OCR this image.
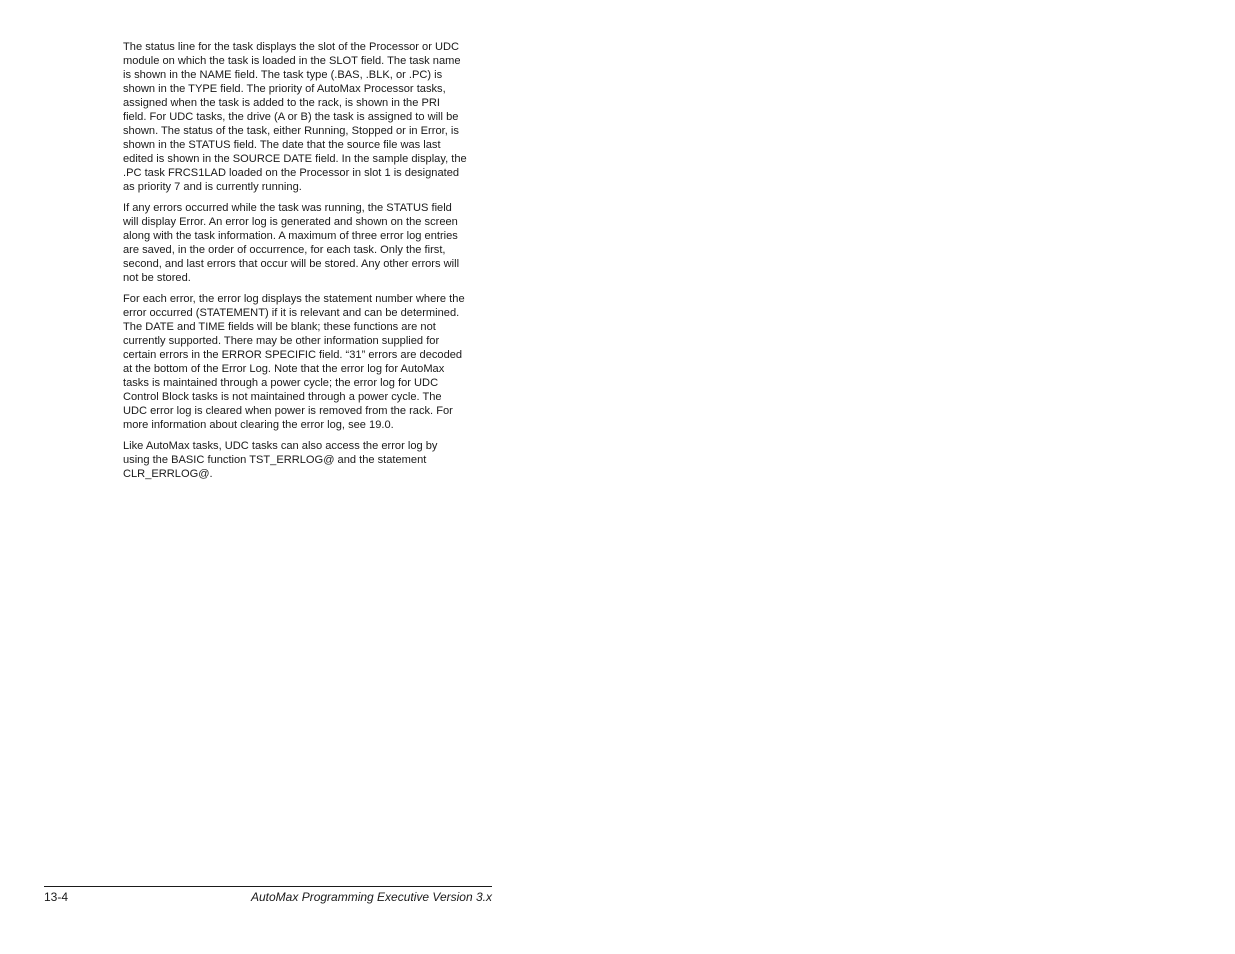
The status line for the task displays the slot of the Processor or UDC
module on which the task is loaded in the SLOT field. The task name
is shown in the NAME field. The task type (.BAS, .BLK, or .PC) is
shown in the TYPE field. The priority of AutoMax Processor tasks,
assigned when the task is added to the rack, is shown in the PRI
field. For UDC tasks, the drive (A or B) the task is assigned to will be
shown. The status of the task, either Running, Stopped or in Error, is
shown in the STATUS field. The date that the source file was last
edited is shown in the SOURCE DATE field. In the sample display, the
.PC task FRCS1LAD loaded on the Processor in slot 1 is designated
as priority 7 and is currently running.

If any errors occurred while the task was running, the STATUS field
will display Error. An error log is generated and shown on the screen
along with the task information. A maximum of three error log entries
are saved, in the order of occurrence, for each task. Only the first,
second, and last errors that occur will be stored. Any other errors will
not be stored.

For each error, the error log displays the statement number where the
error occurred (STATEMENT) if it is relevant and can be determined.
The DATE and TIME fields will be blank; these functions are not
currently supported. There may be other information supplied for
certain errors in the ERROR SPECIFIC field. “31” errors are decoded
at the bottom of the Error Log. Note that the error log for AutoMax
tasks is maintained through a power cycle; the error log for UDC
Control Block tasks is not maintained through a power cycle. The
UDC error log is cleared when power is removed from the rack. For
more information about clearing the error log, see 19.0.

Like AutoMax tasks, UDC tasks can also access the error log by
using the BASIC function TST_ERRLOG@ and the statement
CLR_ERRLOG@.

13-4	AutoMax Programming Executive Version 3.x
